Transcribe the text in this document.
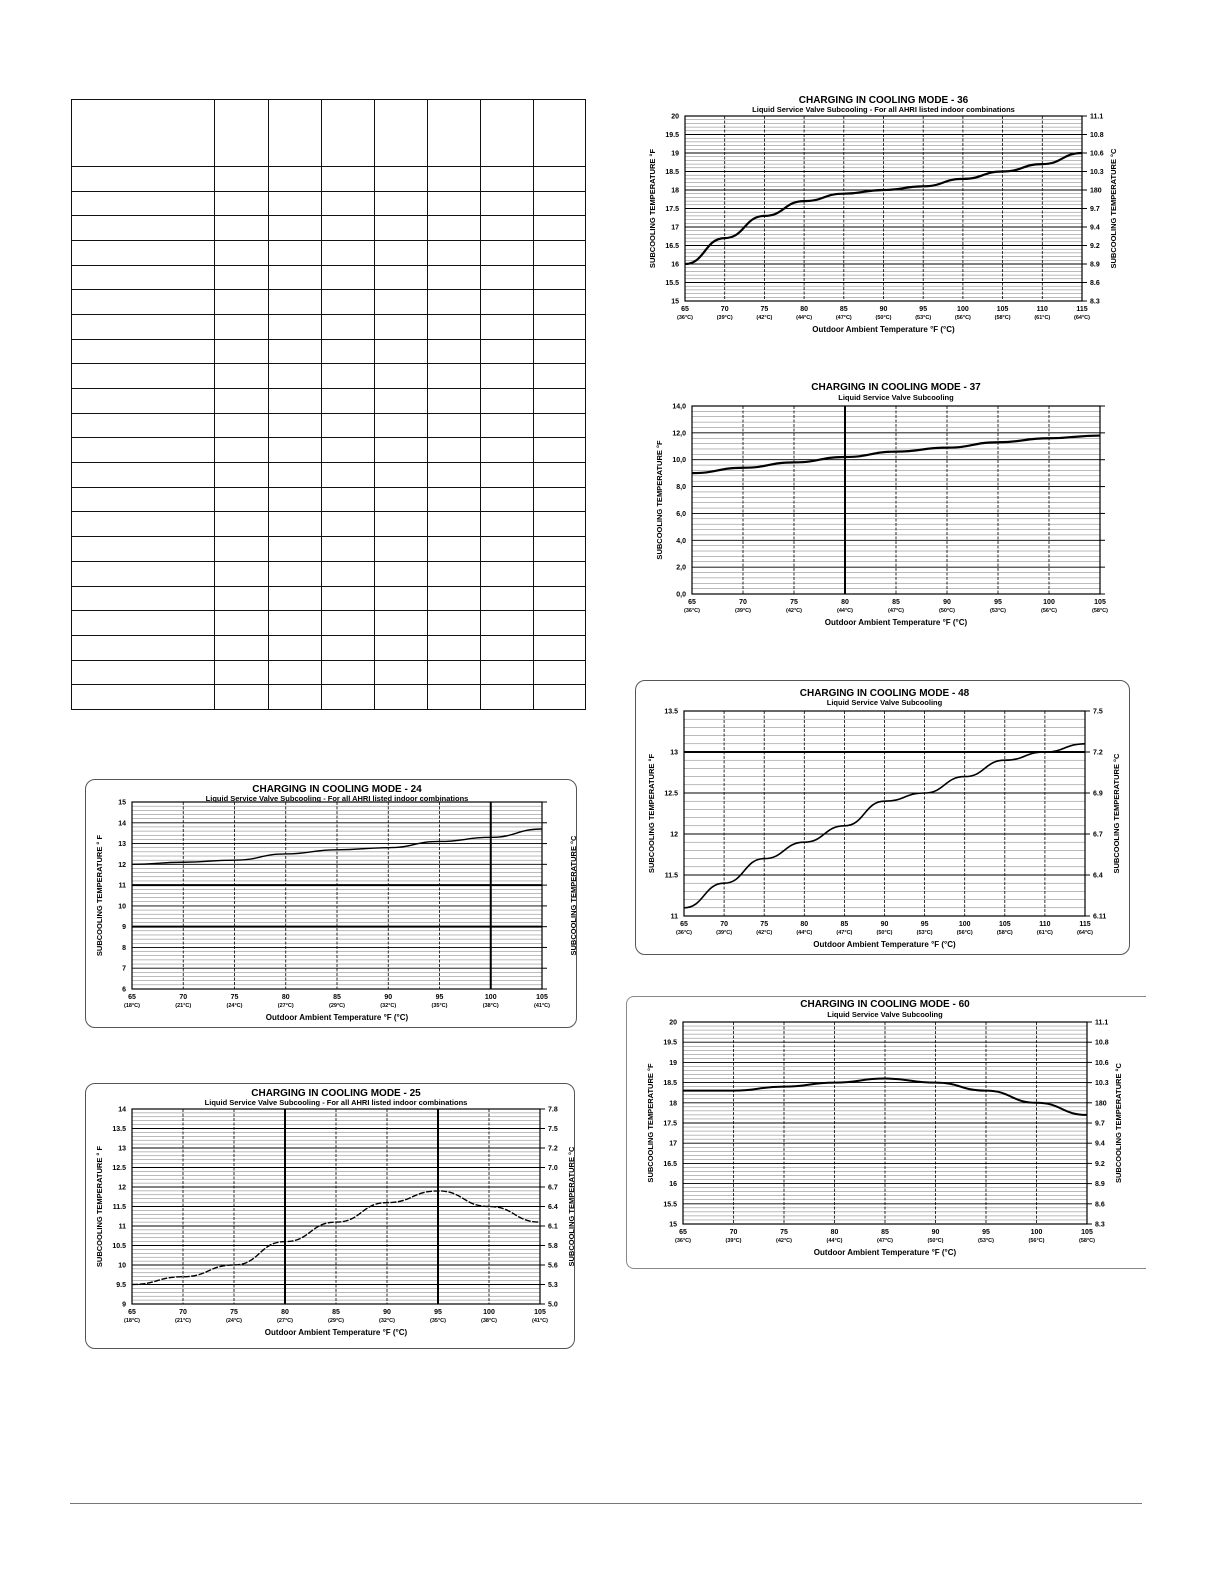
CHARGING IN COOLING MODE - 36
Liquid Service Valve Subcooling - For all AHRI listed indoor combinations
15	8.3
15.5	8.6
16	8.9
16.5	9.2
17	9.4
17.5	9.7
18	180
18.5	10.3
19	10.6
19.5	10.8
20	11.1
65
(36°C)
70
(39°C)
75
(42°C)
80
(44°C)
85
(47°C)
90
(50°C)
95
(53°C)
100
(56°C)
105
(58°C)
110
(61°C)
115
(64°C)
Outdoor Ambient Temperature °F (°C)
SUBCOOLING TEMPERATURE °F	SUBCOOLING TEMPERATURE °C
CHARGING IN COOLING MODE - 37
Liquid Service Valve Subcooling
0,0
2,0
4,0
6,0
8,0
10,0
12,0
14,0
65
(36°C)
70
(39°C)
75
(42°C)
80
(44°C)
85
(47°C)
90
(50°C)
95
(53°C)
100
(56°C)
105
(58°C)
Outdoor Ambient Temperature °F (°C)
SUBCOOLING TEMPERATURE °F
CHARGING IN COOLING MODE - 48
Liquid Service Valve Subcooling
11	6.11
11.5	6.4
12	6.7
12.5	6.9
13	7.2
13.5	7.5
65
(36°C)
70
(39°C)
75
(42°C)
80
(44°C)
85
(47°C)
90
(50°C)
95
(53°C)
100
(56°C)
105
(58°C)
110
(61°C)
115
(64°C)
Outdoor Ambient Temperature °F (°C)
SUBCOOLING TEMPERATURE °F	SUBCOOLING TEMPERATURE °C
CHARGING IN COOLING MODE - 60
Liquid Service Valve Subcooling
15	8.3
15.5	8.6
16	8.9
16.5	9.2
17	9.4
17.5	9.7
18	180
18.5	10.3
19	10.6
19.5	10.8
20	11.1
65
(36°C)
70
(39°C)
75
(42°C)
80
(44°C)
85
(47°C)
90
(50°C)
95
(53°C)
100
(56°C)
105
(58°C)
Outdoor Ambient Temperature °F (°C)
SUBCOOLING TEMPERATURE °F	SUBCOOLING TEMPERATURE °C
CHARGING IN COOLING MODE - 24
Liquid Service Valve Subcooling - For all AHRI listed indoor combinations
6
7
8
9
10
11
12
13
14
15
65
(18°C)
70
(21°C)
75
(24°C)
80
(27°C)
85
(29°C)
90
(32°C)
95
(35°C)
100
(38°C)
105
(41°C)
Outdoor Ambient Temperature °F (°C)
SUBCOOLING TEMPERATURE ° F	SUBCOOLING TEMPERATURE °C
CHARGING IN COOLING MODE - 25
Liquid Service Valve Subcooling - For all AHRI listed indoor combinations
9	5.0
9.5	5.3
10	5.6
10.5	5.8
11	6.1
11.5	6.4
12	6.7
12.5	7.0
13	7.2
13.5	7.5
14	7.8
65
(18°C)
70
(21°C)
75
(24°C)
80
(27°C)
85
(29°C)
90
(32°C)
95
(35°C)
100
(38°C)
105
(41°C)
Outdoor Ambient Temperature °F (°C)
SUBCOOLING TEMPERATURE ° F	SUBCOOLING TEMPERATURE °C
